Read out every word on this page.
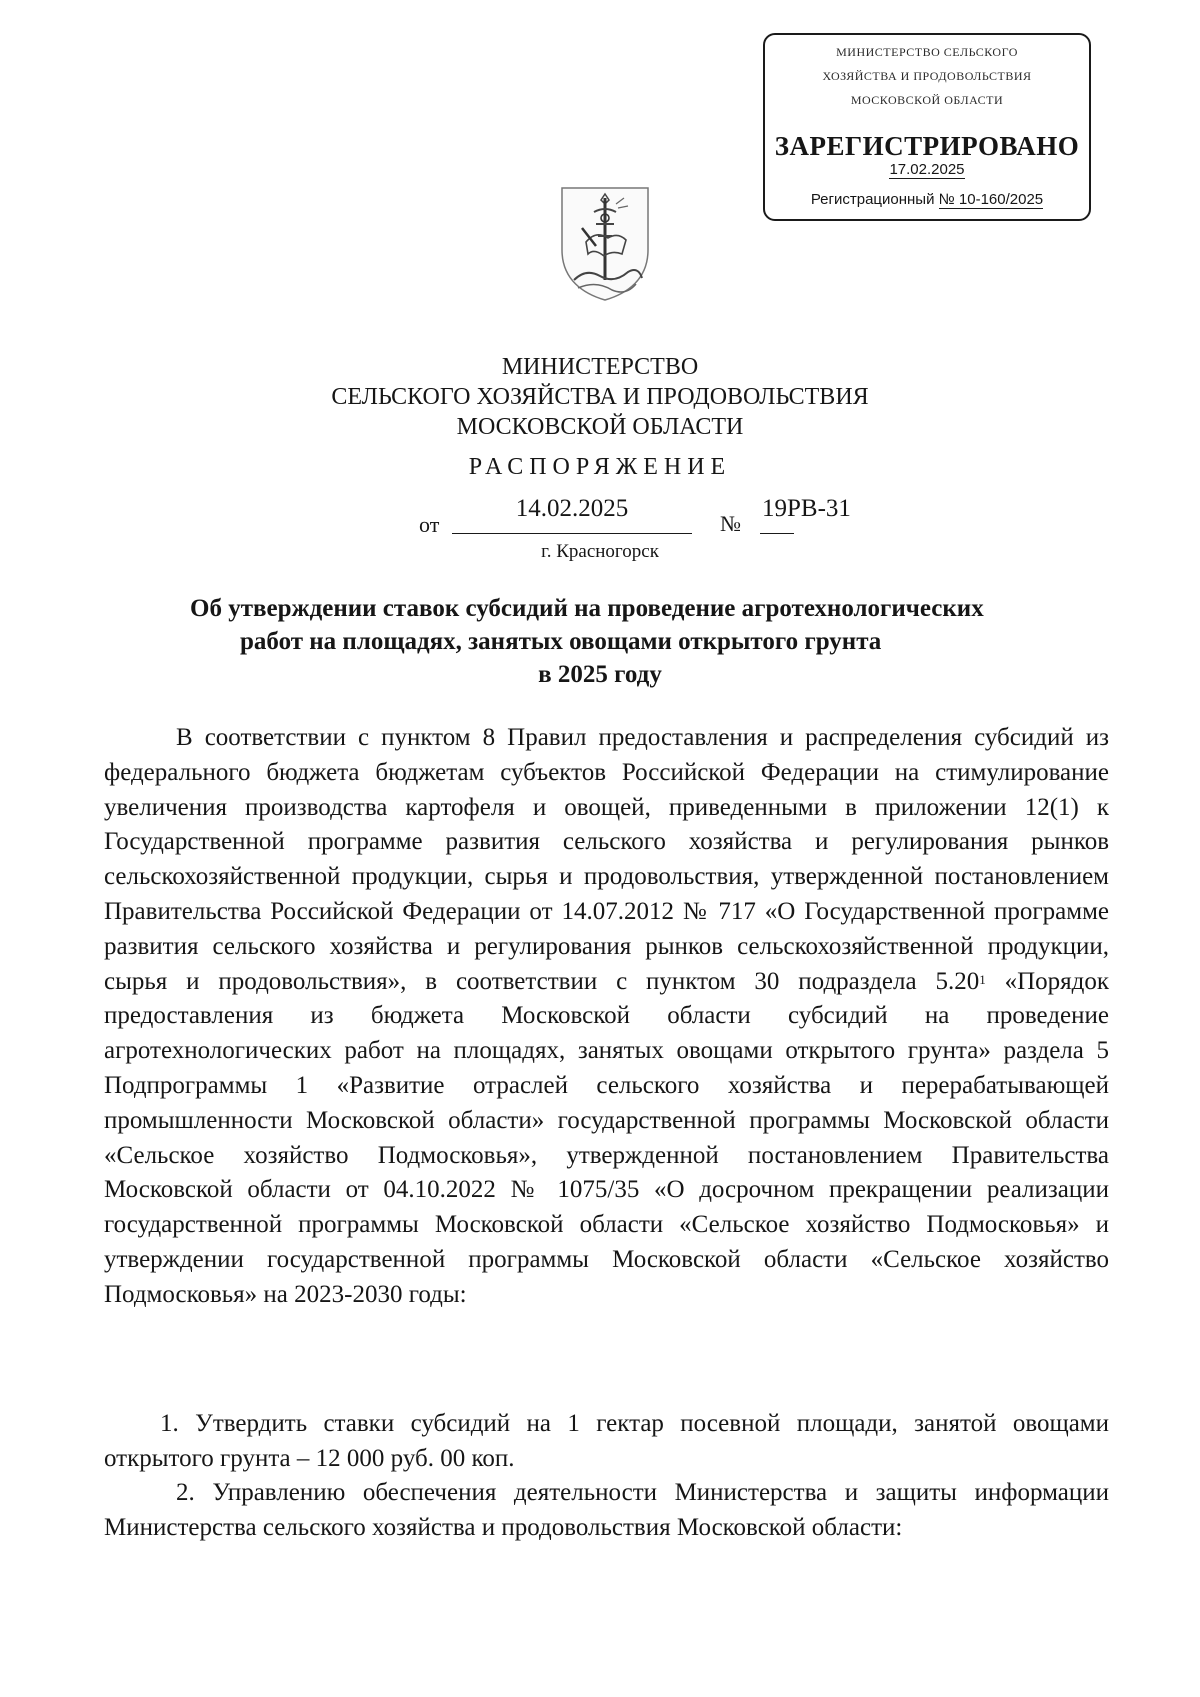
МИНИСТЕРСТВО СЕЛЬСКОГО
ХОЗЯЙСТВА И ПРОДОВОЛЬСТВИЯ
МОСКОВСКОЙ ОБЛАСТИ
ЗАРЕГИСТРИРОВАНО
17.02.2025
Регистрационный № 10-160/2025
МИНИСТЕРСТВО
СЕЛЬСКОГО ХОЗЯЙСТВА И ПРОДОВОЛЬСТВИЯ
МОСКОВСКОЙ ОБЛАСТИ
РАСПОРЯЖЕНИЕ
от
14.02.2025
№
19РВ-31
г. Красногорск
Об утверждении ставок субсидий на проведение агротехнологических
работ на площадях, занятых овощами открытого грунта
в 2025 году

В соответствии с пунктом 8 Правил предоставления и распределения субсидий из федерального бюджета бюджетам субъектов Российской Федерации на стимулирование увеличения производства картофеля и овощей, приведенными в приложении 12(1) к Государственной программе развития сельского хозяйства и регулирования рынков сельскохозяйственной продукции, сырья и продовольствия, утвержденной постановлением Правительства Российской Федерации от 14.07.2012 № 717 «О Государственной программе развития сельского хозяйства и регулирования рынков сельскохозяйственной продукции, сырья и продовольствия», в соответствии с пунктом 30 подраздела 5.20$^1$ «Порядок предоставления из бюджета Московской области субсидий на проведение агротехнологических работ на площадях, занятых овощами открытого грунта» раздела 5 Подпрограммы 1 «Развитие отраслей сельского хозяйства и перерабатывающей промышленности Московской области» государственной программы Московской области «Сельское хозяйство Подмосковья», утвержденной постановлением Правительства Московской области от 04.10.2022 № 1075/35 «О досрочном прекращении реализации государственной программы Московской области «Сельское хозяйство Подмосковья» и утверждении государственной программы Московской области «Сельское хозяйство Подмосковья» на 2023-2030 годы:

1. Утвердить ставки субсидий на 1 гектар посевной площади, занятой овощами открытого грунта – 12 000 руб. 00 коп.

2. Управлению обеспечения деятельности Министерства и защиты информации Министерства сельского хозяйства и продовольствия Московской области:
